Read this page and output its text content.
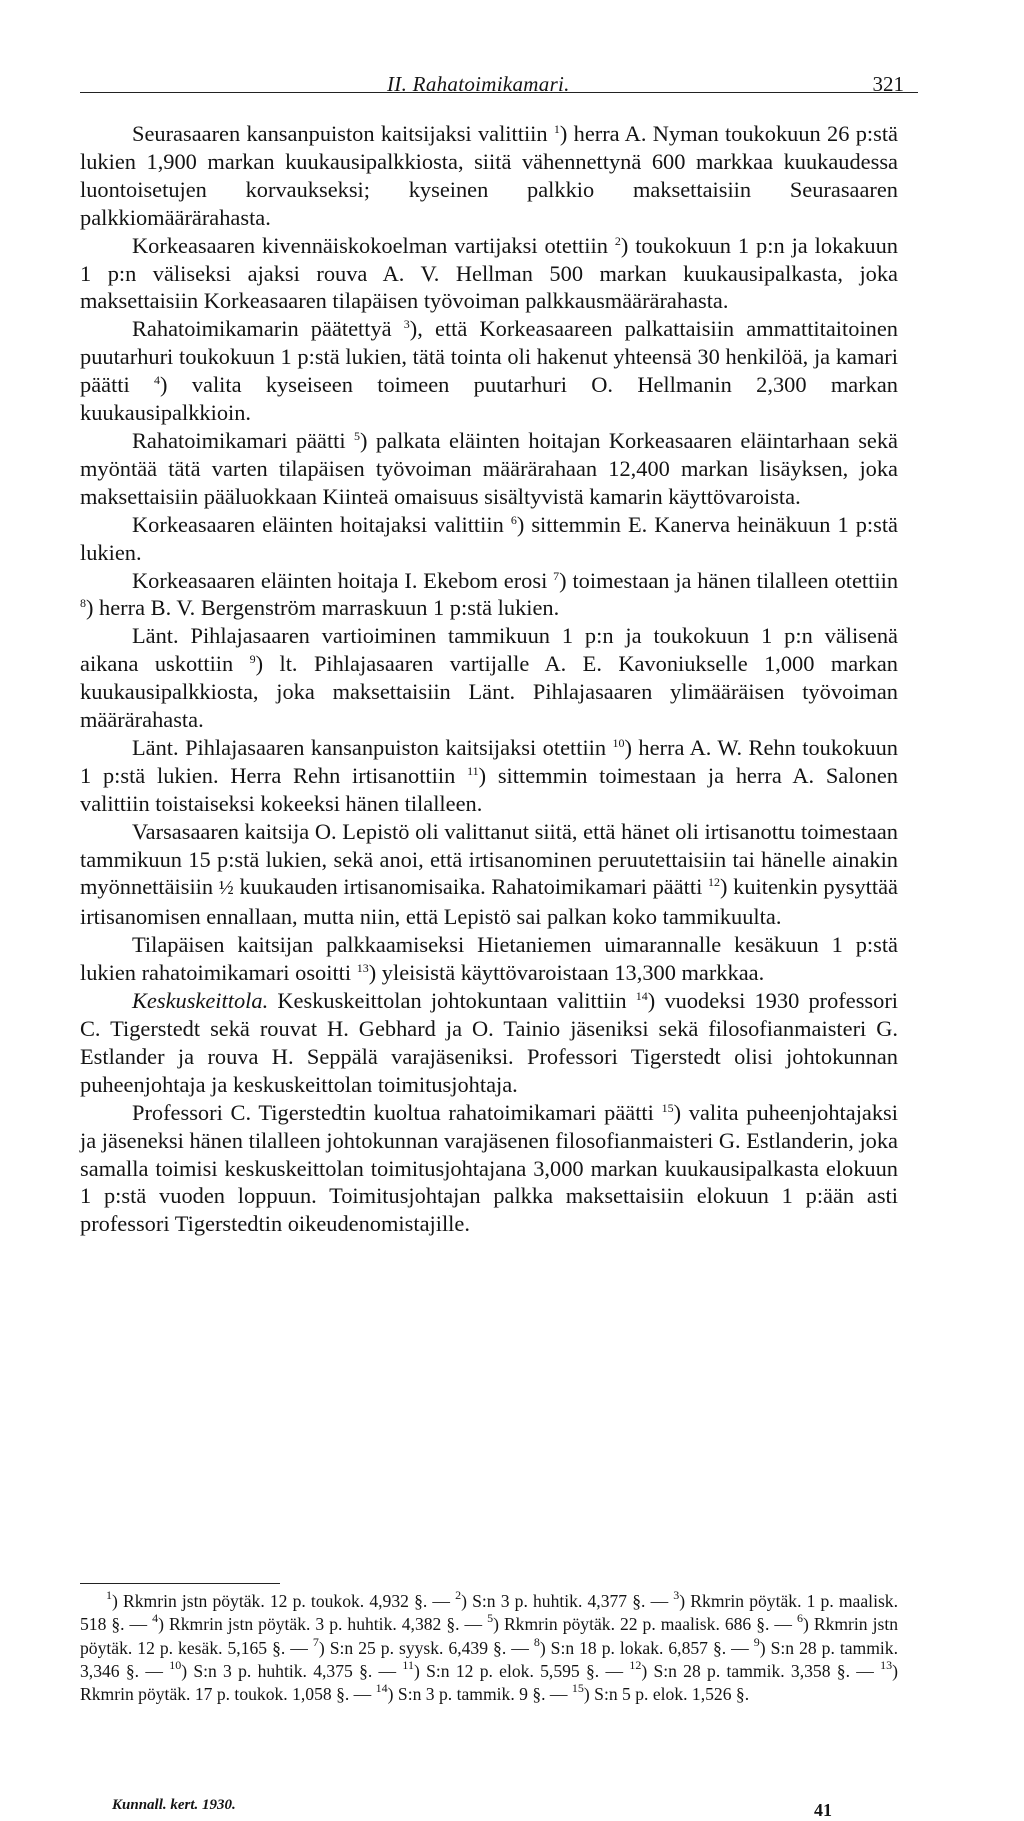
II. Rahatoimikamari.	321

Seurasaaren kansanpuiston kaitsijaksi valittiin $^1$) herra A. Nyman toukokuun 26 p:stä lukien 1,900 markan kuukausipalkkiosta, siitä vähennettynä 600 markkaa kuukaudessa luontoisetujen korvaukseksi; kyseinen palkkio maksettaisiin Seurasaaren palkkiomäärärahasta.

Korkeasaaren kivennäiskokoelman vartijaksi otettiin $^2$) toukokuun 1 p:n ja lokakuun 1 p:n väliseksi ajaksi rouva A. V. Hellman 500 markan kuukausipalkasta, joka maksettaisiin Korkeasaaren tilapäisen työvoiman palkkausmäärärahasta.

Rahatoimikamarin päätettyä $^3$), että Korkeasaareen palkattaisiin ammattitaitoinen puutarhuri toukokuun 1 p:stä lukien, tätä tointa oli hakenut yhteensä 30 henkilöä, ja kamari päätti $^4$) valita kyseiseen toimeen puutarhuri O. Hellmanin 2,300 markan kuukausipalkkioin.

Rahatoimikamari päätti $^5$) palkata eläinten hoitajan Korkeasaaren eläintarhaan sekä myöntää tätä varten tilapäisen työvoiman määrärahaan 12,400 markan lisäyksen, joka maksettaisiin pääluokkaan Kiinteä omaisuus sisältyvistä kamarin käyttövaroista.

Korkeasaaren eläinten hoitajaksi valittiin $^6$) sittemmin E. Kanerva heinäkuun 1 p:stä lukien.

Korkeasaaren eläinten hoitaja I. Ekebom erosi $^7$) toimestaan ja hänen tilalleen otettiin $^8$) herra B. V. Bergenström marraskuun 1 p:stä lukien.

Länt. Pihlajasaaren vartioiminen tammikuun 1 p:n ja toukokuun 1 p:n välisenä aikana uskottiin $^9$) lt. Pihlajasaaren vartijalle A. E. Kavoniukselle 1,000 markan kuukausipalkkiosta, joka maksettaisiin Länt. Pihlajasaaren ylimääräisen työvoiman määrärahasta.

Länt. Pihlajasaaren kansanpuiston kaitsijaksi otettiin $^{10}$) herra A. W. Rehn toukokuun 1 p:stä lukien. Herra Rehn irtisanottiin $^{11}$) sittemmin toimestaan ja herra A. Salonen valittiin toistaiseksi kokeeksi hänen tilalleen.

Varsasaaren kaitsija O. Lepistö oli valittanut siitä, että hänet oli irtisanottu toimestaan tammikuun 15 p:stä lukien, sekä anoi, että irtisanominen peruutettaisiin tai hänelle ainakin myönnettäisiin ½ kuukauden irtisanomisaika. Rahatoimikamari päätti $^{12}$) kuitenkin pysyttää irtisanomisen ennallaan, mutta niin, että Lepistö sai palkan koko tammikuulta.

Tilapäisen kaitsijan palkkaamiseksi Hietaniemen uimarannalle kesäkuun 1 p:stä lukien rahatoimikamari osoitti $^{13}$) yleisistä käyttövaroistaan 13,300 markkaa.

Keskuskeittola. Keskuskeittolan johtokuntaan valittiin $^{14}$) vuodeksi 1930 professori C. Tigerstedt sekä rouvat H. Gebhard ja O. Tainio jäseniksi sekä filosofianmaisteri G. Estlander ja rouva H. Seppälä varajäseniksi. Professori Tigerstedt olisi johtokunnan puheenjohtaja ja keskuskeittolan toimitusjohtaja.

Professori C. Tigerstedtin kuoltua rahatoimikamari päätti $^{15}$) valita puheenjohtajaksi ja jäseneksi hänen tilalleen johtokunnan varajäsenen filosofianmaisteri G. Estlanderin, joka samalla toimisi keskuskeittolan toimitusjohtajana 3,000 markan kuukausipalkasta elokuun 1 p:stä vuoden loppuun. Toimitusjohtajan palkka maksettaisiin elokuun 1 p:ään asti professori Tigerstedtin oikeudenomistajille.

$^1$) Rkmrin jstn pöytäk. 12 p. toukok. 4,932 §. — $^2$) S:n 3 p. huhtik. 4,377 §. — $^3$) Rkmrin pöytäk. 1 p. maalisk. 518 §. — $^4$) Rkmrin jstn pöytäk. 3 p. huhtik. 4,382 §. — $^5$) Rkmrin pöytäk. 22 p. maalisk. 686 §. — $^6$) Rkmrin jstn pöytäk. 12 p. kesäk. 5,165 §. — $^7$) S:n 25 p. syysk. 6,439 §. — $^8$) S:n 18 p. lokak. 6,857 §. — $^9$) S:n 28 p. tammik. 3,346 §. — $^{10}$) S:n 3 p. huhtik. 4,375 §. — $^{11}$) S:n 12 p. elok. 5,595 §. — $^{12}$) S:n 28 p. tammik. 3,358 §. — $^{13}$) Rkmrin pöytäk. 17 p. toukok. 1,058 §. — $^{14}$) S:n 3 p. tammik. 9 §. — $^{15}$) S:n 5 p. elok. 1,526 §.

Kunnall. kert. 1930.	41
